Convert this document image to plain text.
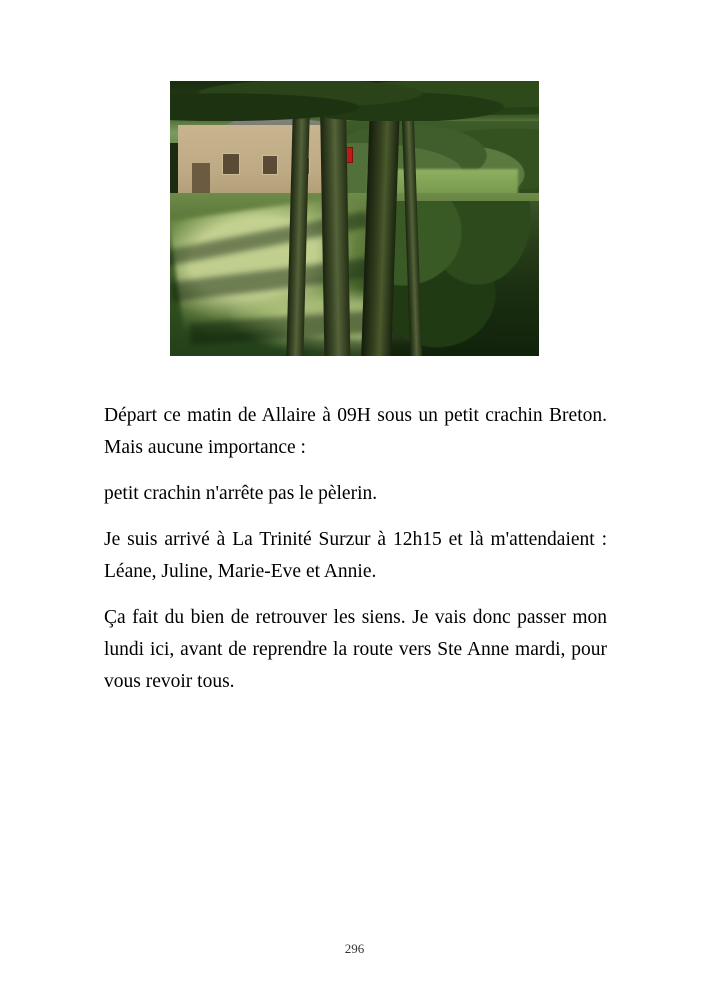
Départ ce matin de Allaire à 09H sous un petit crachin Breton. Mais aucune importance :

petit crachin n'arrête pas le pèlerin.

Je suis arrivé à La Trinité Surzur à 12h15 et là m'attendaient : Léane, Juline, Marie-Eve et Annie.

Ça fait du bien de retrouver les siens. Je vais donc passer mon lundi ici, avant de reprendre la route vers Ste Anne mardi, pour vous revoir tous.

296
